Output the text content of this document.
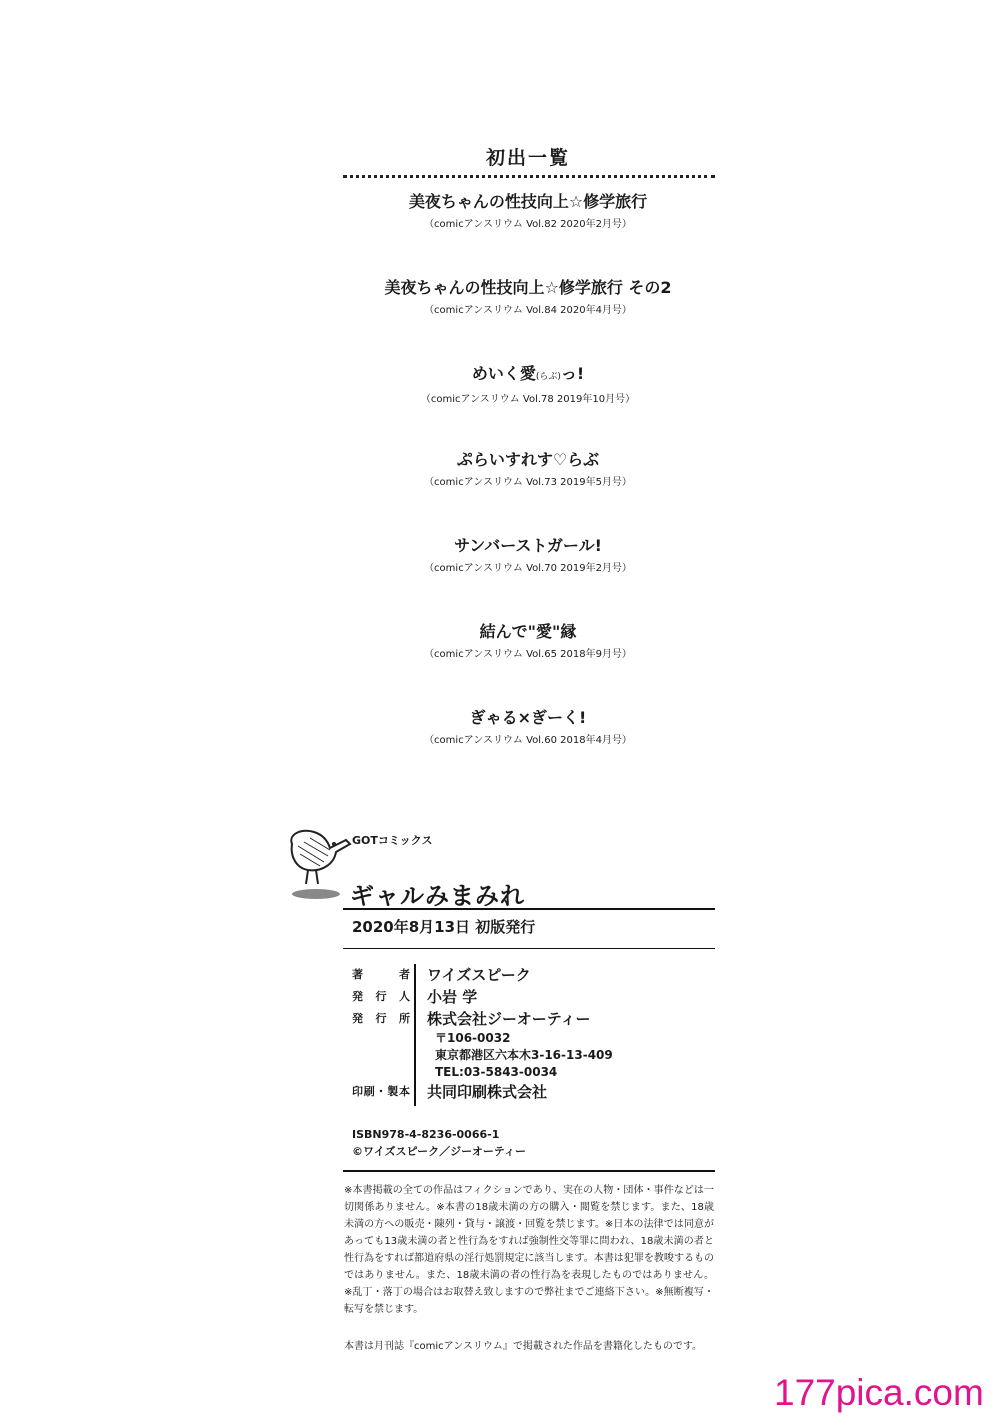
初出一覧
美夜ちゃんの性技向上☆修学旅行
（comicアンスリウム Vol.82 2020年2月号）
美夜ちゃんの性技向上☆修学旅行 その2
（comicアンスリウム Vol.84 2020年4月号）
めいく愛(らぶ)っ!
（comicアンスリウム Vol.78 2019年10月号）
ぷらいすれす♡らぶ
（comicアンスリウム Vol.73 2019年5月号）
サンバーストガール!
（comicアンスリウム Vol.70 2019年2月号）
結んで"愛"縁
（comicアンスリウム Vol.65 2018年9月号）
ぎゃる×ぎーく!
（comicアンスリウム Vol.60 2018年4月号）
GOTコミックス
ギャルみまみれ
2020年8月13日 初版発行
著者 ワイズスピーク
発行人 小岩 学
発行所 株式会社ジーオーティー
〒106-0032
東京都港区六本木3-16-13-409
TEL:03-5843-0034
印刷・製本 共同印刷株式会社
ISBN978-4-8236-0066-1
©ワイズスピーク／ジーオーティー
※本書掲載の全ての作品はフィクションであり、実在の人物・団体・事件などは一切関係ありません。※本書の18歳未満の方の購入・閲覧を禁じます。また、18歳未満の方への販売・陳列・貸与・譲渡・回覧を禁じます。※日本の法律では同意があっても13歳未満の者と性行為をすれば強制性交等罪に問われ、18歳未満の者と性行為をすれば都道府県の淫行処罰規定に該当します。本書は犯罪を教唆するものではありません。また、18歳未満の者の性行為を表現したものではありません。※乱丁・落丁の場合はお取替え致しますので弊社までご連絡下さい。※無断複写・転写を禁じます。
本書は月刊誌『comicアンスリウム』で掲載された作品を書籍化したものです。
177pica.com
